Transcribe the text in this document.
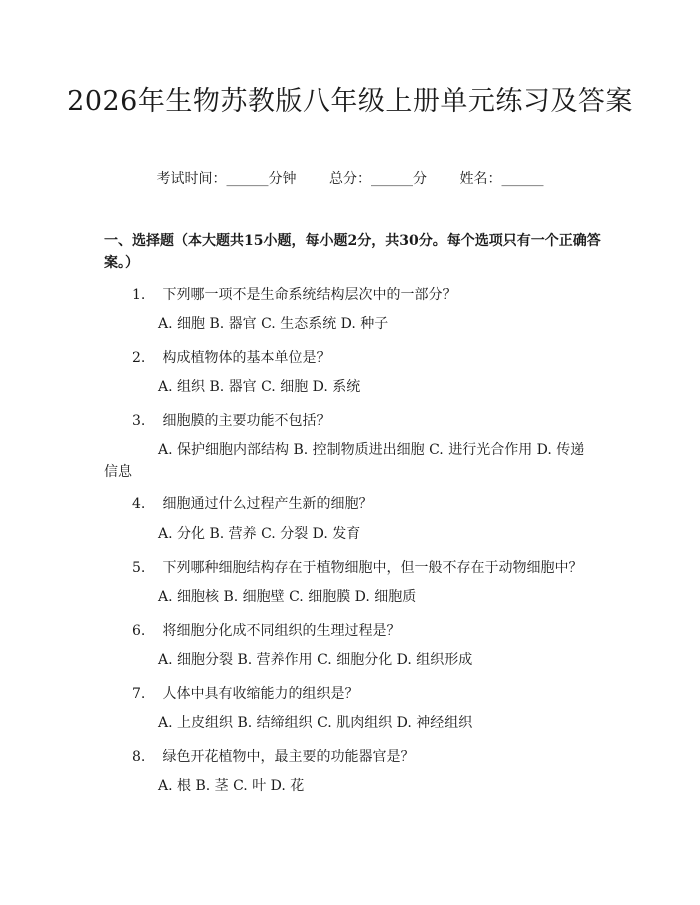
2026年生物苏教版八年级上册单元练习及答案
考试时间：______分钟 总分：______分 姓名：______
一、选择题（本大题共15小题，每小题2分，共30分。每个选项只有一个正确答案。）
1. 下列哪一项不是生命系统结构层次中的一部分？
A. 细胞 B. 器官 C. 生态系统 D. 种子
2. 构成植物体的基本单位是？
A. 组织 B. 器官 C. 细胞 D. 系统
3. 细胞膜的主要功能不包括？
A. 保护细胞内部结构 B. 控制物质进出细胞 C. 进行光合作用 D. 传递信息
4. 细胞通过什么过程产生新的细胞？
A. 分化 B. 营养 C. 分裂 D. 发育
5. 下列哪种细胞结构存在于植物细胞中，但一般不存在于动物细胞中？
A. 细胞核 B. 细胞壁 C. 细胞膜 D. 细胞质
6. 将细胞分化成不同组织的生理过程是？
A. 细胞分裂 B. 营养作用 C. 细胞分化 D. 组织形成
7. 人体中具有收缩能力的组织是？
A. 上皮组织 B. 结缔组织 C. 肌肉组织 D. 神经组织
8. 绿色开花植物中，最主要的功能器官是？
A. 根 B. 茎 C. 叶 D. 花
